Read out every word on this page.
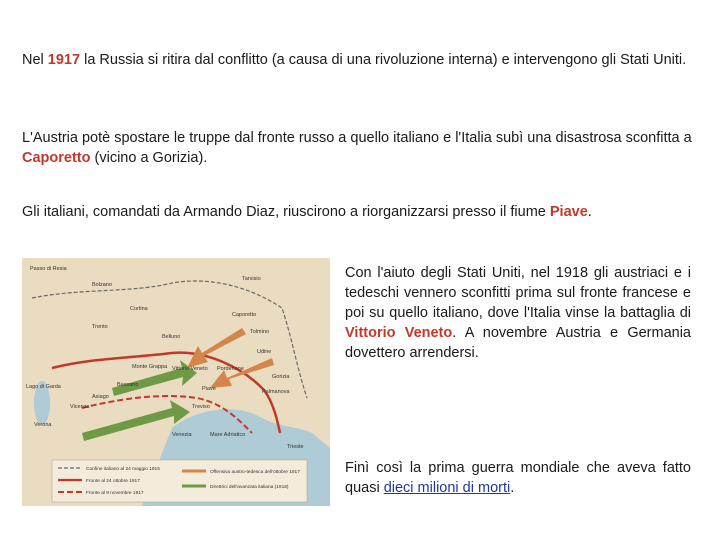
Nel 1917 la Russia si ritira dal conflitto (a causa di una rivoluzione interna) e intervengono gli Stati Uniti.

L'Austria potè spostare le truppe dal fronte russo a quello italiano e l'Italia subì una disastrosa sconfitta a Caporetto (vicino a Gorizia).

Gli italiani, comandati da Armando Diaz, riuscirono a riorganizzarsi presso il fiume Piave.

Passo di Resia
Bolzano
Trento
Cortina
Vicenza
Verona
Asiago
Bassano
Belluno
Vittorio Veneto
Treviso
Venezia
Caporetto
Udine
Gorizia
Trieste
Pordenone
Tarvisio
Tolmino
Palmanova
Lago di Garda
Mare Adriatico
Monte Grappa
Piave
Confine italiano al 24 maggio 1915
Fronte al 24 ottobre 1917
Fronte al 9 novembre 1917
Offensiva austro-tedesca dell'ottobre 1917
Direttrici dell'avanzata italiana (1918)

Con l'aiuto degli Stati Uniti, nel 1918 gli austriaci e i tedeschi vennero sconfitti prima sul fronte francese e poi su quello italiano, dove l'Italia vinse la battaglia di Vittorio Veneto. A novembre Austria e Germania dovettero arrendersi.

Finì così la prima guerra mondiale che aveva fatto quasi dieci milioni di morti.
